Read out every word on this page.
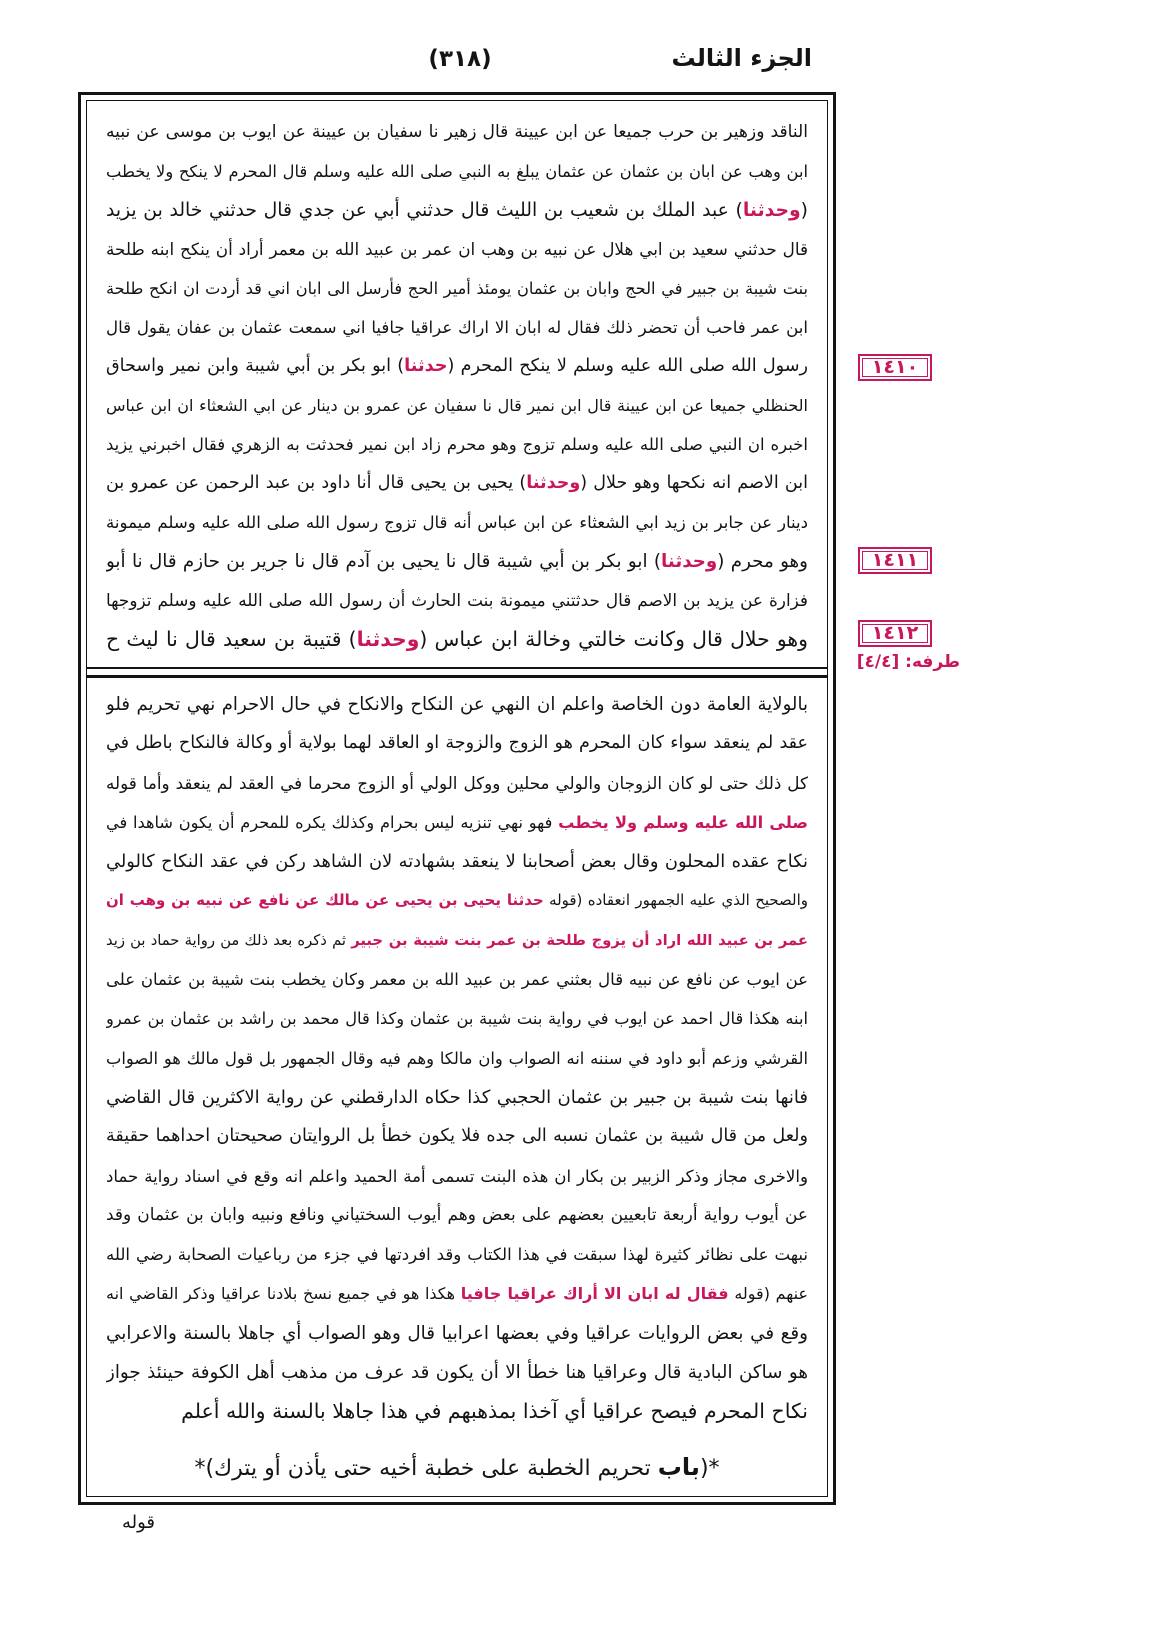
الجزء الثالث
(٣١٨)
الناقد وزهير بن حرب جميعا عن ابن عيينة قال زهير نا سفيان بن عيينة عن ايوب بن موسى عن نبيه
ابن وهب عن ابان بن عثمان عن عثمان يبلغ به النبي صلى الله عليه وسلم قال المحرم لا ينكح ولا يخطب
(وحدثنا) عبد الملك بن شعيب بن الليث قال حدثني أبي عن جدي قال حدثني خالد بن يزيد
قال حدثني سعيد بن ابي هلال عن نبيه بن وهب ان عمر بن عبيد الله بن معمر أراد أن ينكح ابنه طلحة
بنت شيبة بن جبير في الحج وابان بن عثمان يومئذ أمير الحج فأرسل الى ابان اني قد أردت ان انكح طلحة
ابن عمر فاحب أن تحضر ذلك فقال له ابان الا اراك عراقيا جافيا اني سمعت عثمان بن عفان يقول قال
رسول الله صلى الله عليه وسلم لا ينكح المحرم (حدثنا) ابو بكر بن أبي شيبة وابن نمير واسحاق
الحنظلي جميعا عن ابن عيينة قال ابن نمير قال نا سفيان عن عمرو بن دينار عن ابي الشعثاء ان ابن عباس
اخبره ان النبي صلى الله عليه وسلم تزوج وهو محرم زاد ابن نمير فحدثت به الزهري فقال اخبرني يزيد
ابن الاصم انه نكحها وهو حلال (وحدثنا) يحيى بن يحيى قال أنا داود بن عبد الرحمن عن عمرو بن
دينار عن جابر بن زيد ابي الشعثاء عن ابن عباس أنه قال تزوج رسول الله صلى الله عليه وسلم ميمونة
وهو محرم (وحدثنا) ابو بكر بن أبي شيبة قال نا يحيى بن آدم قال نا جرير بن حازم قال نا أبو
فزارة عن يزيد بن الاصم قال حدثتني ميمونة بنت الحارث أن رسول الله صلى الله عليه وسلم تزوجها
وهو حلال قال وكانت خالتي وخالة ابن عباس (وحدثنا) قتيبة بن سعيد قال نا ليث ح
بالولاية العامة دون الخاصة واعلم ان النهي عن النكاح والانكاح في حال الاحرام نهي تحريم فلو
عقد لم ينعقد سواء كان المحرم هو الزوج والزوجة او العاقد لهما بولاية أو وكالة فالنكاح باطل في
كل ذلك حتى لو كان الزوجان والولي محلين ووكل الولي أو الزوج محرما في العقد لم ينعقد وأما قوله
صلى الله عليه وسلم ولا يخطب فهو نهي تنزيه ليس بحرام وكذلك يكره للمحرم أن يكون شاهدا في
نكاح عقده المحلون وقال بعض أصحابنا لا ينعقد بشهادته لان الشاهد ركن في عقد النكاح كالولي
والصحيح الذي عليه الجمهور انعقاده (قوله حدثنا يحيى بن يحيى عن مالك عن نافع عن نبيه بن وهب ان
عمر بن عبيد الله اراد أن يزوج طلحة بن عمر بنت شيبة بن جبير ثم ذكره بعد ذلك من رواية حماد بن زيد
عن ايوب عن نافع عن نبيه قال بعثني عمر بن عبيد الله بن معمر وكان يخطب بنت شيبة بن عثمان على
ابنه هكذا قال احمد عن ايوب في رواية بنت شيبة بن عثمان وكذا قال محمد بن راشد بن عثمان بن عمرو
القرشي وزعم أبو داود في سننه انه الصواب وان مالكا وهم فيه وقال الجمهور بل قول مالك هو الصواب
فانها بنت شيبة بن جبير بن عثمان الحجبي كذا حكاه الدارقطني عن رواية الاكثرين قال القاضي
ولعل من قال شيبة بن عثمان نسبه الى جده فلا يكون خطأ بل الروايتان صحيحتان احداهما حقيقة
والاخرى مجاز وذكر الزبير بن بكار ان هذه البنت تسمى أمة الحميد واعلم انه وقع في اسناد رواية حماد
عن أيوب رواية أربعة تابعيين بعضهم على بعض وهم أيوب السختياني ونافع ونبيه وابان بن عثمان وقد
نبهت على نظائر كثيرة لهذا سبقت في هذا الكتاب وقد افردتها في جزء من رباعيات الصحابة رضي الله
عنهم (قوله فقال له ابان الا أراك عراقيا جافيا هكذا هو في جميع نسخ بلادنا عراقيا وذكر القاضي انه
وقع في بعض الروايات عراقيا وفي بعضها اعرابيا قال وهو الصواب أي جاهلا بالسنة والاعرابي
هو ساكن البادية قال وعراقيا هنا خطأ الا أن يكون قد عرف من مذهب أهل الكوفة حينئذ جواز
نكاح المحرم فيصح عراقيا أي آخذا بمذهبهم في هذا جاهلا بالسنة والله أعلم
*(باب تحريم الخطبة على خطبة أخيه حتى يأذن أو يترك)*
١٤١٠
١٤١١
١٤١٢
طرفه: [٤/٤]
قوله
